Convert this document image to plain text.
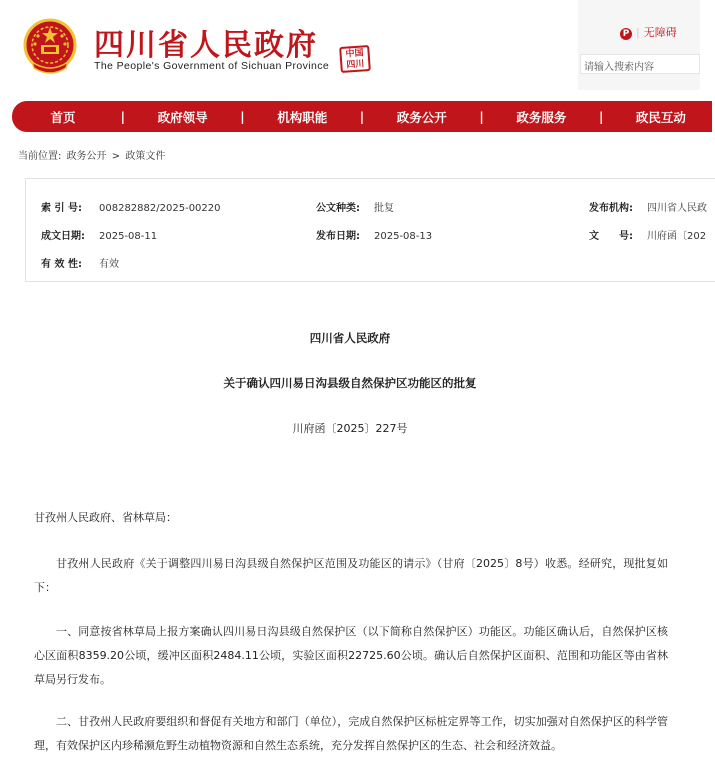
四川省人民政府
The People's Government of Sichuan Province
中国四川
P | 无障碍
请输入搜索内容
首页	|	政府领导	|	机构职能	|	政务公开	|	政务服务	|	政民互动
当前位置: 政务公开 > 政策文件
索 引 号: 008282882/2025-00220	公文种类: 批复	发布机构: 四川省人民政
成文日期: 2025-08-11	发布日期: 2025-08-13	文　　号: 川府函〔202
有 效 性: 有效
四川省人民政府
关于确认四川易日沟县级自然保护区功能区的批复
川府函〔2025〕227号
甘孜州人民政府、省林草局：
甘孜州人民政府《关于调整四川易日沟县级自然保护区范围及功能区的请示》（甘府〔2025〕8号）收悉。经研究，现批复如下：
一、同意按省林草局上报方案确认四川易日沟县级自然保护区（以下简称自然保护区）功能区。功能区确认后，自然保护区核心区面积8359.20公顷，缓冲区面积2484.11公顷，实验区面积22725.60公顷。确认后自然保护区面积、范围和功能区等由省林草局另行发布。
二、甘孜州人民政府要组织和督促有关地方和部门（单位），完成自然保护区标桩定界等工作，切实加强对自然保护区的科学管理，有效保护区内珍稀濒危野生动植物资源和自然生态系统，充分发挥自然保护区的生态、社会和经济效益。
